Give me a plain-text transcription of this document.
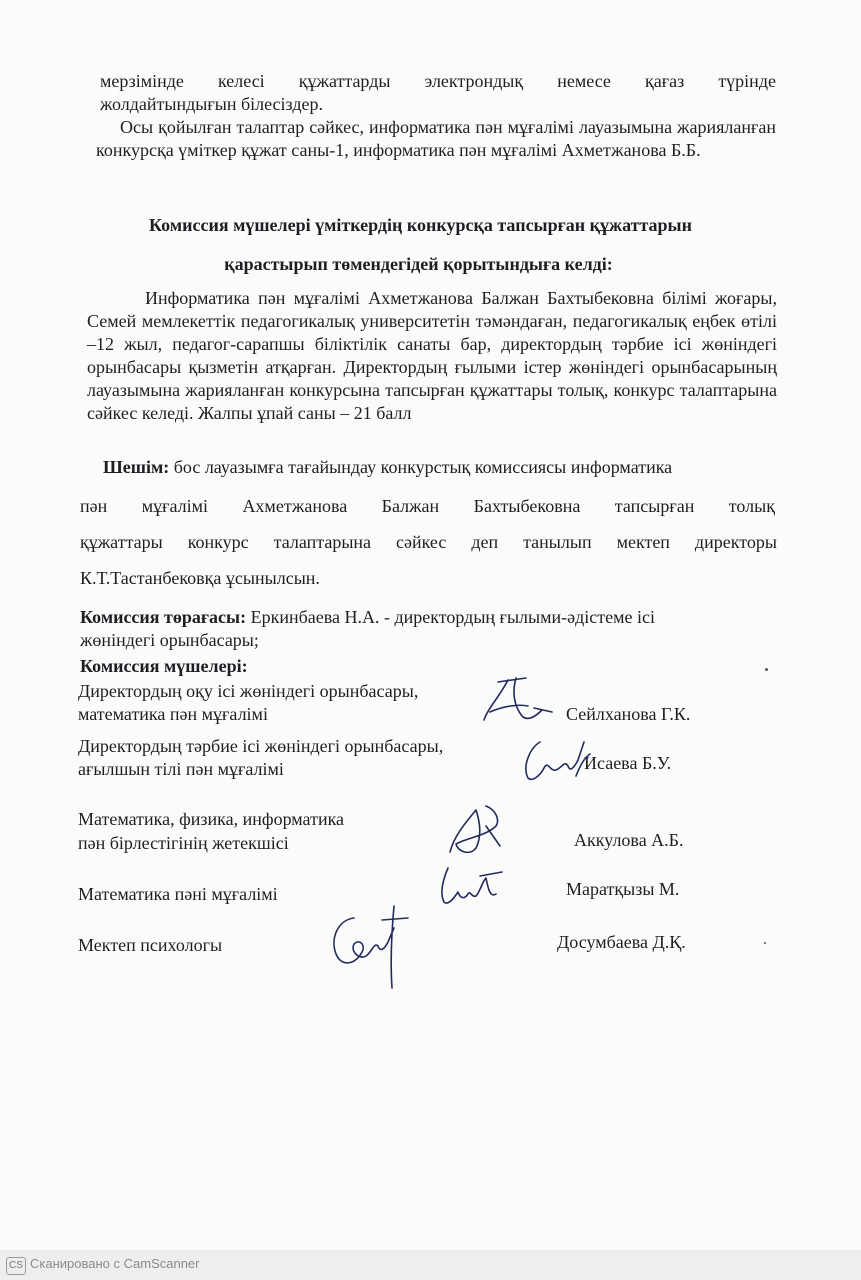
мерзімінде келесі құжаттарды электрондық немесе қағаз түрінде
жолдайтындығын білесіздер.

Осы қойылған талаптар сәйкес, информатика пән мұғалімі лауазымына жарияланған конкурсқа үміткер құжат саны-1, информатика пән мұғалімі Ахметжанова Б.Б.

Комиссия мүшелері үміткердің конкурсқа тапсырған құжаттарын

қарастырып төмендегідей қорытындыға келді:

Информатика пән мұғалімі Ахметжанова Балжан Бахтыбековна білімі жоғары, Семей мемлекеттік педагогикалық университетін тәмәндаған, педагогикалық еңбек өтілі –12 жыл, педагог-сарапшы біліктілік санаты бар, директордың тәрбие ісі жөніндегі орынбасары қызметін атқарған. Директордың ғылыми істер жөніндегі орынбасарының лауазымына жарияланған конкурсына тапсырған құжаттары толық, конкурс талаптарына сәйкес келеді. Жалпы ұпай саны – 21 балл

Шешім: бос лауазымға тағайындау конкурстық комиссиясы информатика
пән мұғалімі Ахметжанова Балжан Бахтыбековна тапсырған толық
құжаттары конкурс талаптарына сәйкес деп танылып мектеп директоры
К.Т.Тастанбековқа ұсынылсын.
Комиссия төрағасы: Еркинбаева Н.А. - директордың ғылыми-әдістеме ісі
жөніндегі орынбасары;
Комиссия мүшелері:
Директордың оқу ісі жөніндегі орынбасары,
математика пән мұғалімі	Сейлханова Г.К.
Директордың тәрбие ісі жөніндегі орынбасары,
ағылшын тілі пән мұғалімі	Исаева Б.У.
Математика, физика, информатика
пән бірлестігінің жетекшісі	Аккулова А.Б.
Математика пәні мұғалімі	Маратқызы М.
Мектеп психологы	Досумбаева Д.Қ.
CS Сканировано с CamScanner
